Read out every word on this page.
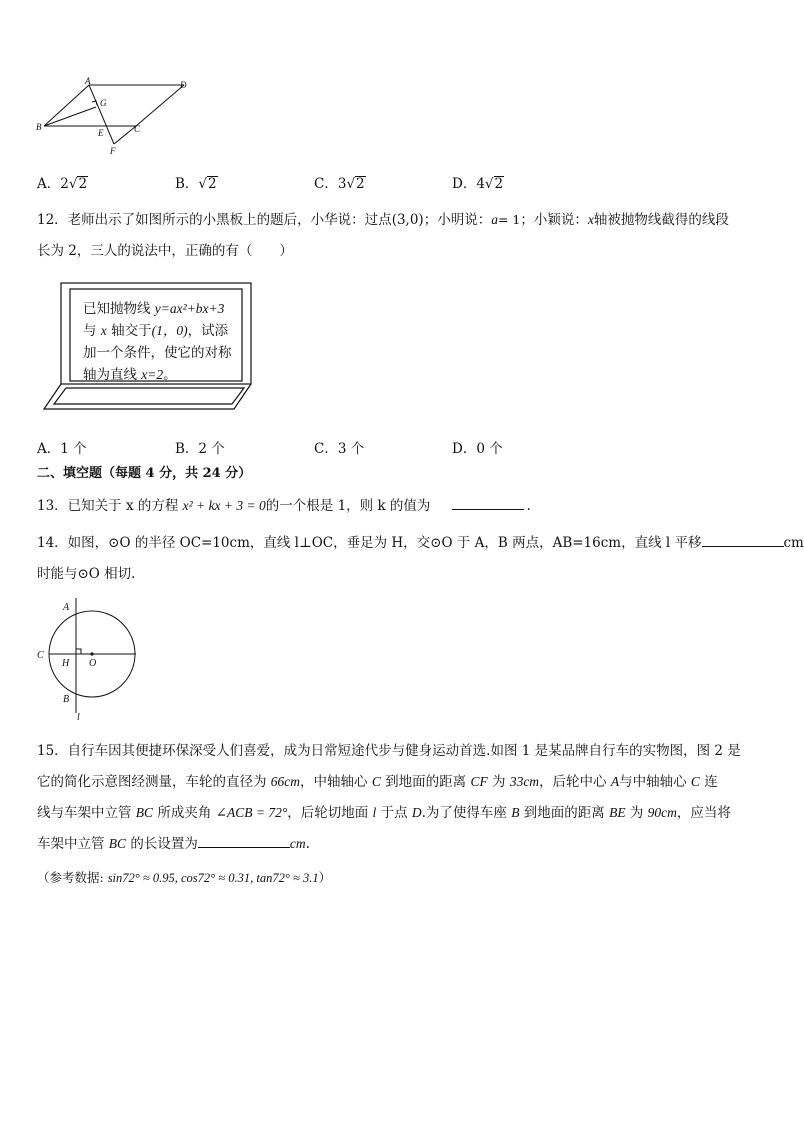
A	D
G
B
E	C
F
A．2√2	B．√2	C．3√2	D．4√2
12．老师出示了如图所示的小黑板上的题后，小华说：过点(3,0)；小明说：a= 1；小颖说：x轴被抛物线截得的线段
长为 2，三人的说法中，正确的有（　　）
已知抛物线 y=ax²+bx+3
与 x 轴交于(1，0)，试添
加一个条件，使它的对称
轴为直线 x=2。
A．1 个	B．2 个	C．3 个	D．0 个
二、填空题（每题 4 分，共 24 分）
13．已知关于 x 的方程 x² + kx + 3 = 0的一个根是 1，则 k 的值为	.
14．如图，⊙O 的半径 OC=10cm，直线 l⊥OC，垂足为 H，交⊙O 于 A，B 两点，AB=16cm，直线 l 平移	cm
时能与⊙O 相切.
A
C
H O
B
l
15．自行车因其便捷环保深受人们喜爱，成为日常短途代步与健身运动首选.如图 1 是某品牌自行车的实物图，图 2 是
它的简化示意图经测量，车轮的直径为 66cm，中轴轴心 C 到地面的距离 CF 为 33cm，后轮中心 A与中轴轴心 C 连
线与车架中立管 BC 所成夹角 ∠ACB = 72°，后轮切地面 l 于点 D.为了使得车座 B 到地面的距离 BE 为 90cm，应当将
车架中立管 BC 的长设置为	cm.
（参考数据: sin72° ≈ 0.95, cos72° ≈ 0.31, tan72° ≈ 3.1）
